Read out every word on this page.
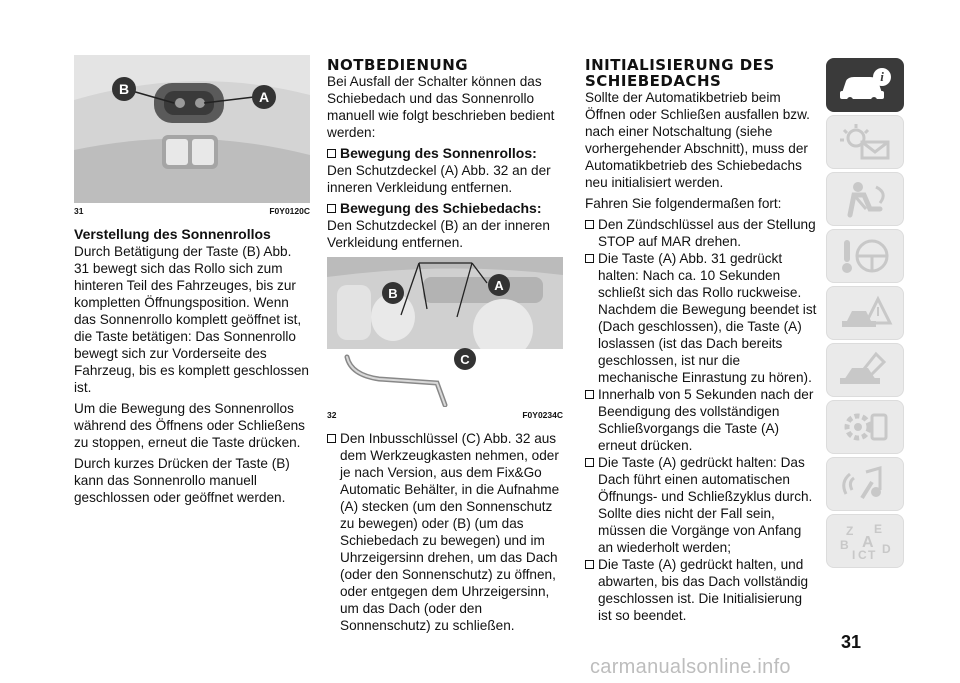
B	A
31	F0Y0120C
Verstellung des Sonnenrollos

Durch Betätigung der Taste (B) Abb. 31 bewegt sich das Rollo sich zum hinteren Teil des Fahrzeuges, bis zur kompletten Öffnungsposition. Wenn das Sonnenrollo komplett geöffnet ist, die Taste betätigen: Das Sonnenrollo bewegt sich zur Vorderseite des Fahrzeug, bis es komplett geschlossen ist.

Um die Bewegung des Sonnenrollos während des Öffnens oder Schließens zu stoppen, erneut die Taste drücken.

Durch kurzes Drücken der Taste (B) kann das Sonnenrollo manuell geschlossen oder geöffnet werden.

NOTBEDIENUNG

Bei Ausfall der Schalter können das Schiebedach und das Sonnenrollo manuell wie folgt beschrieben bedient werden:

Bewegung des Sonnenrollos:

Den Schutzdeckel (A) Abb. 32 an der inneren Verkleidung entfernen.

Bewegung des Schiebedachs:

Den Schutzdeckel (B) an der inneren Verkleidung entfernen.

B
A
C
32	F0Y0234C

Den Inbusschlüssel (C) Abb. 32 aus dem Werkzeugkasten nehmen, oder je nach Version, aus dem Fix&Go Automatic Behälter, in die Aufnahme (A) stecken (um den Sonnenschutz zu bewegen) oder (B) (um das Schiebedach zu bewegen) und im Uhrzeigersinn drehen, um das Dach (oder den Sonnenschutz) zu öffnen, oder entgegen dem Uhrzeigersinn, um das Dach (oder den Sonnenschutz) zu schließen.

INITIALISIERUNG DES SCHIEBEDACHS

Sollte der Automatikbetrieb beim Öffnen oder Schließen ausfallen bzw. nach einer Notschaltung (siehe vorhergehender Abschnitt), muss der Automatikbetrieb des Schiebedachs neu initialisiert werden.

Fahren Sie folgendermaßen fort:

Den Zündschlüssel aus der Stellung STOP auf MAR drehen.
Die Taste (A) Abb. 31 gedrückt halten: Nach ca. 10 Sekunden schließt sich das Rollo ruckweise. Nachdem die Bewegung beendet ist (Dach geschlossen), die Taste (A) loslassen (ist das Dach bereits geschlossen, ist nur die mechanische Einrastung zu hören).
Innerhalb von 5 Sekunden nach der Beendigung des vollständigen Schließvorgangs die Taste (A) erneut drücken.
Die Taste (A) gedrückt halten: Das Dach führt einen automatischen Öffnungs- und Schließzyklus durch. Sollte dies nicht der Fall sein, müssen die Vorgänge von Anfang an wiederholt werden;
Die Taste (A) gedrückt halten, und abwarten, bis das Dach vollständig geschlossen ist. Die Initialisierung ist so beendet.
i
Z E
B A
I C T D
31
carmanualsonline.info
